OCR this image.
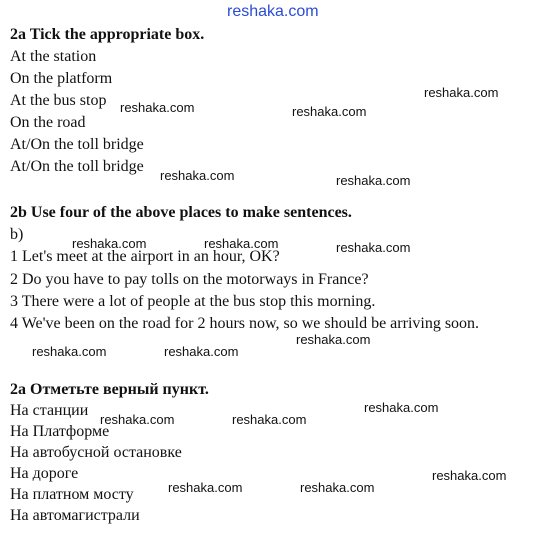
reshaka.com
2a Tick the appropriate box.
At the station
On the platform
At the bus stop
On the road
At/On the toll bridge
At/On the toll bridge
2b Use four of the above places to make sentences.
b)
1 Let's meet at the airport in an hour, OK?
2 Do you have to pay tolls on the motorways in France?
3 There were a lot of people at the bus stop this morning.
4 We've been on the road for 2 hours now, so we should be arriving soon.
2a Отметьте верный пункт.
На станции
На Платформе
На автобусной остановке
На дороге
На платном мосту
На автомагистрали
reshaka.com
reshaka.com	reshaka.com
reshaka.com	reshaka.com
reshaka.com	reshaka.com	reshaka.com
reshaka.com
reshaka.com	reshaka.com
reshaka.com
reshaka.com	reshaka.com
reshaka.com
reshaka.com	reshaka.com
